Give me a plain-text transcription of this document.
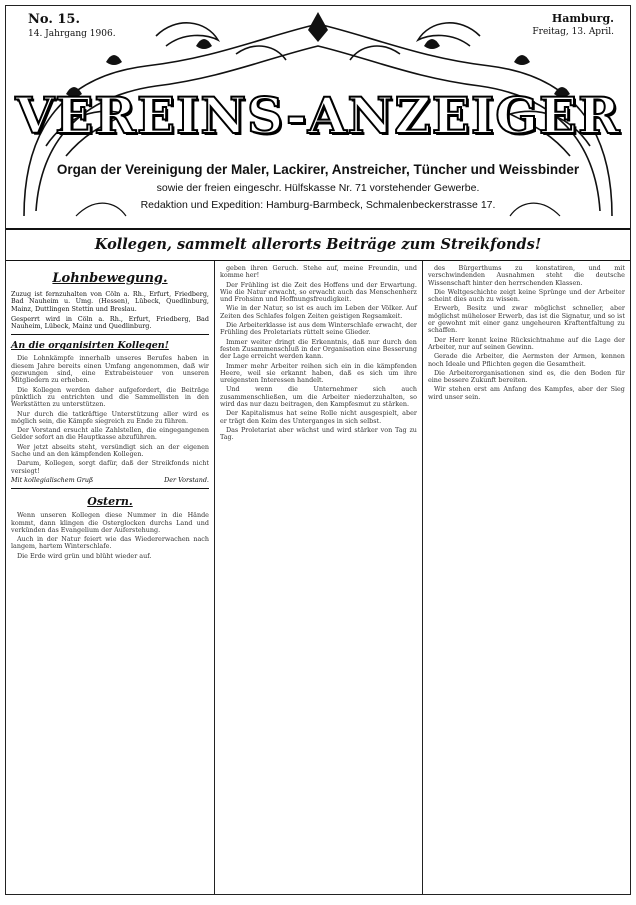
No. 15.
14. Jahrgang 1906.
Hamburg.
Freitag, 13. April.
VEREINS-ANZEIGER
Organ der Vereinigung der Maler, Lackirer, Anstreicher, Tüncher und Weissbinder
sowie der freien eingeschr. Hülfskasse Nr. 71 vorstehender Gewerbe.
Redaktion und Expedition: Hamburg-Barmbeck, Schmalenbeckerstrasse 17.
Kollegen, sammelt allerorts Beiträge zum Streikfonds!
Lohnbewegung.

Zuzug ist fernzuhalten von Cöln a. Rh., Erfurt, Friedberg, Bad Nauheim u. Umg. (Hessen), Lübeck, Quedlinburg, Mainz, Duttlingen Stettin und Breslau.

Gesperrt wird in Cöln a. Rh., Erfurt, Friedberg, Bad Nauheim, Lübeck, Mainz und Quedlinburg.

An die organisirten Kollegen!

Die Lohnkämpfe innerhalb unseres Berufes haben in diesem Jahre bereits einen Umfang angenommen, daß wir gezwungen sind, eine Extrabeisteuer von unseren Mitgliedern zu erheben.

Die Kollegen werden daher aufgefordert, die Beiträge pünktlich zu entrichten und die Sammellisten in den Werkstätten zu unterstützen.

Nur durch die tatkräftige Unterstützung aller wird es möglich sein, die Kämpfe siegreich zu Ende zu führen.

Der Vorstand ersucht alle Zahlstellen, die eingegangenen Gelder sofort an die Hauptkasse abzuführen.

Wer jetzt abseits steht, versündigt sich an der eigenen Sache und an den kämpfenden Kollegen.

Darum, Kollegen, sorgt dafür, daß der Streikfonds nicht versiegt!

Mit kollegialischem Gruß	Der Vorstand.
Ostern.

Wenn unseren Kollegen diese Nummer in die Hände kommt, dann klingen die Osterglocken durchs Land und verkünden das Evangelium der Auferstehung.

Auch in der Natur feiert wie das Wiedererwachen nach langem, hartem Winterschlafe.

Die Erde wird grün und blüht wieder auf.

geben ihren Geruch. Stehe auf, meine Freundin, und komme her!

Der Frühling ist die Zeit des Hoffens und der Erwartung. Wie die Natur erwacht, so erwacht auch das Menschenherz und Frohsinn und Hoffnungsfreudigkeit.

Wie in der Natur, so ist es auch im Leben der Völker. Auf Zeiten des Schlafes folgen Zeiten geistigen Regsamkeit.

Die Arbeiterklasse ist aus dem Winterschlafe erwacht, der Frühling des Proletariats rüttelt seine Glieder.

Immer weiter dringt die Erkenntnis, daß nur durch den festen Zusammenschluß in der Organisation eine Besserung der Lage erreicht werden kann.

Immer mehr Arbeiter reihen sich ein in die kämpfenden Heere, weil sie erkannt haben, daß es sich um ihre ureigensten Interessen handelt.

Und wenn die Unternehmer sich auch zusammenschließen, um die Arbeiter niederzuhalten, so wird das nur dazu beitragen, den Kampfesmut zu stärken.

Der Kapitalismus hat seine Rolle nicht ausgespielt, aber er trägt den Keim des Unterganges in sich selbst.

Das Proletariat aber wächst und wird stärker von Tag zu Tag.

des Bürgerthums zu konstatiren, und mit verschwindenden Ausnahmen steht die deutsche Wissenschaft hinter den herrschenden Klassen.

Die Weltgeschichte zeigt keine Sprünge und der Arbeiter scheint dies auch zu wissen.

Erwerb, Besitz und zwar möglichst schneller, aber möglichst müheloser Erwerb, das ist die Signatur, und so ist er gewohnt mit einer ganz ungeheuren Kraftentfaltung zu schaffen.

Der Herr kennt keine Rücksichtnahme auf die Lage der Arbeiter, nur auf seinen Gewinn.

Gerade die Arbeiter, die Aermsten der Armen, kennen noch Ideale und Pflichten gegen die Gesamtheit.

Die Arbeiterorganisationen sind es, die den Boden für eine bessere Zukunft bereiten.

Wir stehen erst am Anfang des Kampfes, aber der Sieg wird unser sein.
